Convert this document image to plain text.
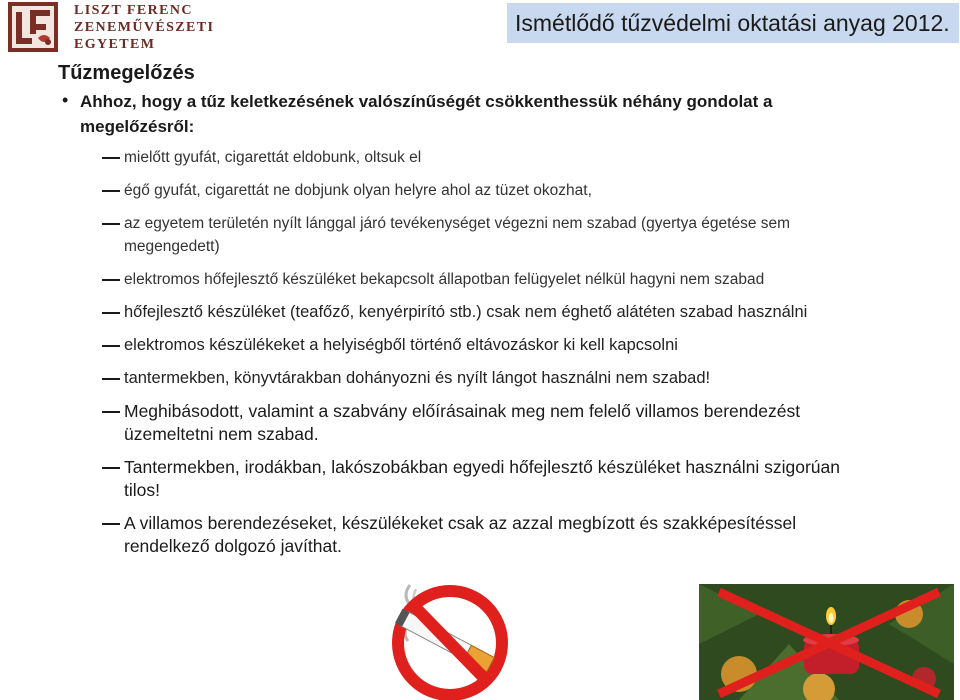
LISZT FERENC
ZENEMŰVÉSZETI
EGYETEM
Ismétlődő tűzvédelmi oktatási anyag 2012.
Tűzmegelőzés
• Ahhoz, hogy a tűz keletkezésének valószínűségét csökkenthessük néhány gondolat a megelőzésről:
mielőtt gyufát, cigarettát eldobunk, oltsuk el
égő gyufát, cigarettát ne dobjunk olyan helyre ahol az tüzet okozhat,
az egyetem területén nyílt lánggal járó tevékenységet végezni nem szabad (gyertya égetése sem megengedett)
elektromos hőfejlesztő készüléket bekapcsolt állapotban felügyelet nélkül hagyni nem szabad
hőfejlesztő készüléket (teafőző, kenyérpirító stb.) csak nem éghető alátéten szabad használni
elektromos készülékeket a helyiségből történő eltávozáskor ki kell kapcsolni
tantermekben, könyvtárakban dohányozni és nyílt lángot használni nem szabad!
Meghibásodott, valamint a szabvány előírásainak meg nem felelő villamos berendezést üzemeltetni nem szabad.
Tantermekben, irodákban, lakószobákban egyedi hőfejlesztő készüléket használni szigorúan tilos!
A villamos berendezéseket, készülékeket csak az azzal megbízott és szakképesítéssel rendelkező dolgozó javíthat.
